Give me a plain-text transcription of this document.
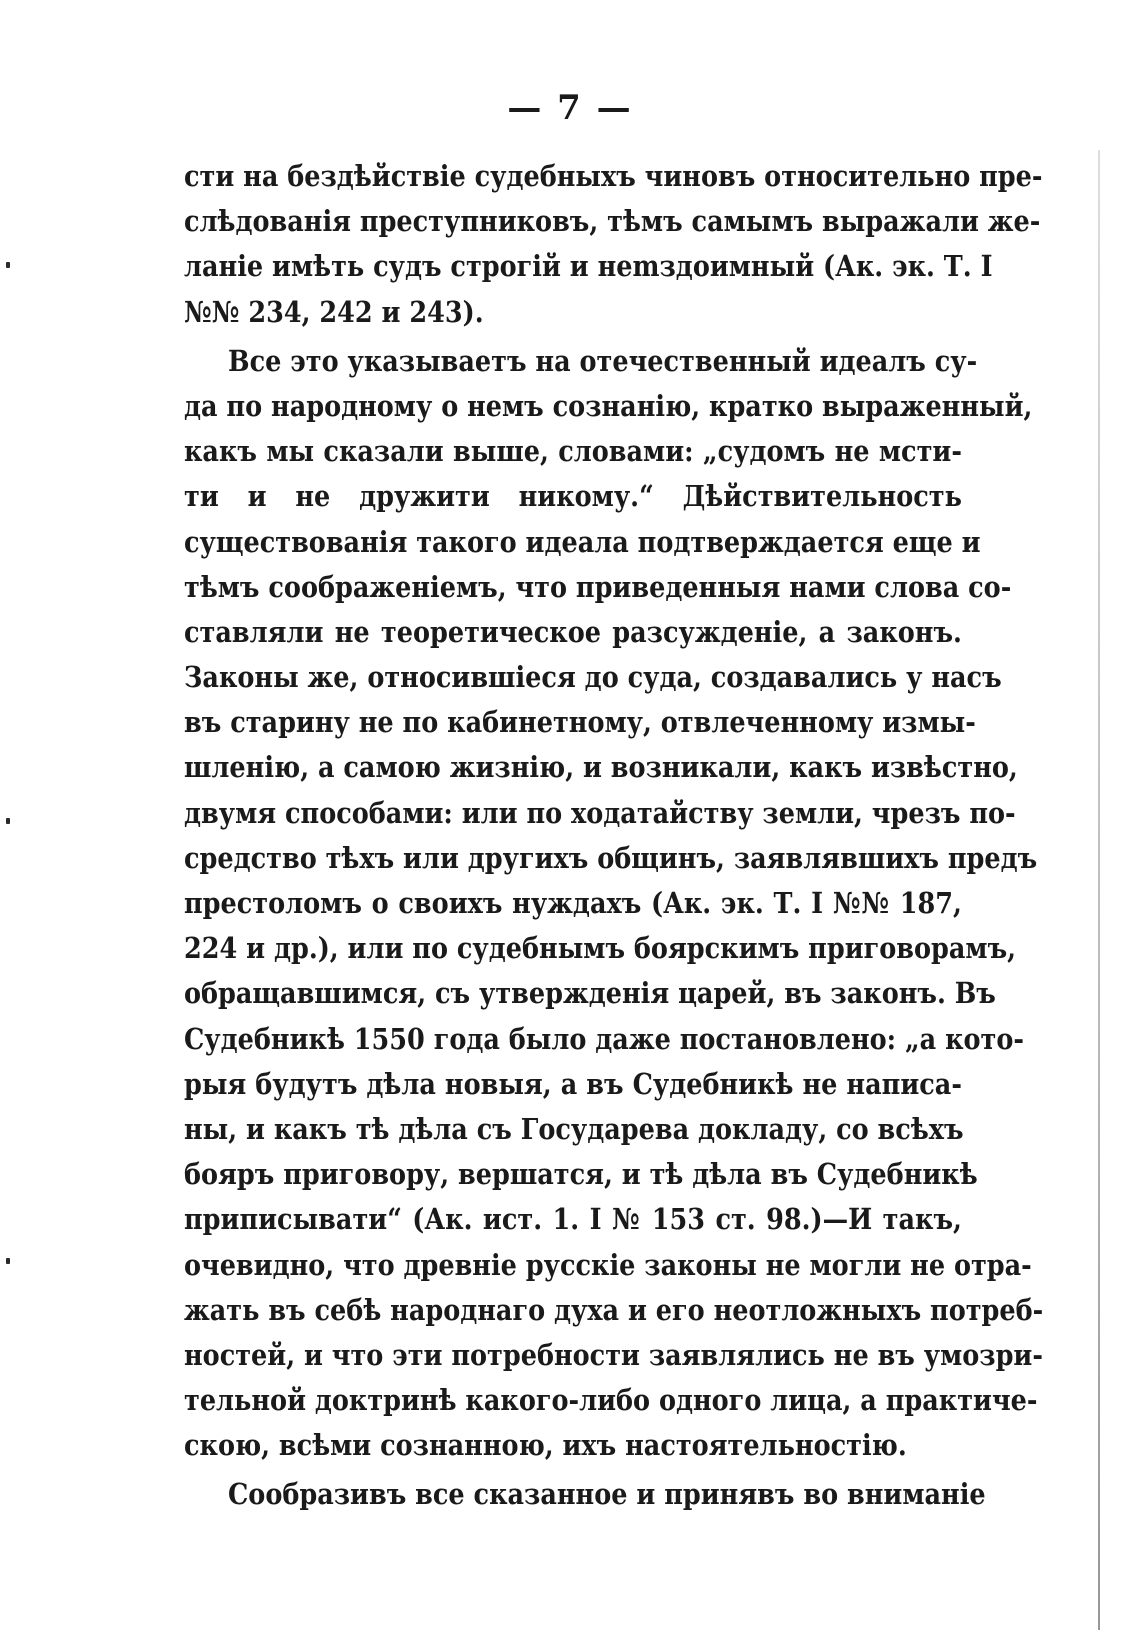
— 7 —
сти на бездѣйствіе судебныхъ чиновъ относительно пре-
слѣдованія преступниковъ, тѣмъ самымъ выражали же-
ланіе имѣть судъ строгій и неmздоимный (Ак. эк. Т. I
№№ 234, 242 и 243).
Все это указываетъ на отечественный идеалъ су-
да по народному о немъ сознанію, кратко выраженный,
какъ мы сказали выше, словами: „судомъ не мсти-
ти и не дружити никому.“ Дѣйствительность
существованія такого идеала подтверждается еще и
тѣмъ соображеніемъ, что приведенныя нами слова со-
ставляли не теоретическое разсужденіе, а законъ.
Законы же, относившіеся до суда, создавались у насъ
въ старину не по кабинетному, отвлеченному измы-
шленію, а самою жизнію, и возникали, какъ извѣстно,
двумя способами: или по ходатайству земли, чрезъ по-
средство тѣхъ или другихъ общинъ, заявлявшихъ предъ
престоломъ о своихъ нуждахъ (Ак. эк. Т. I №№ 187,
224 и др.), или по судебнымъ боярскимъ приговорамъ,
обращавшимся, съ утвержденія царей, въ законъ. Въ
Судебникѣ 1550 года было даже постановлено: „а кото-
рыя будутъ дѣла новыя, а въ Судебникѣ не написа-
ны, и какъ тѣ дѣла съ Государева докладу, со всѣхъ
бояръ приговору, вершатся, и тѣ дѣла въ Судебникѣ
приписывати“ (Ак. ист. 1. I № 153 ст. 98.)—И такъ,
очевидно, что древніе русскіе законы не могли не отра-
жать въ себѣ народнаго духа и его неотложныхъ потреб-
ностей, и что эти потребности заявлялись не въ умозри-
тельной доктринѣ какого-либо одного лица, а практиче-
скою, всѣми сознанною, ихъ настоятельностію.
Сообразивъ все сказанное и принявъ во вниманіе
